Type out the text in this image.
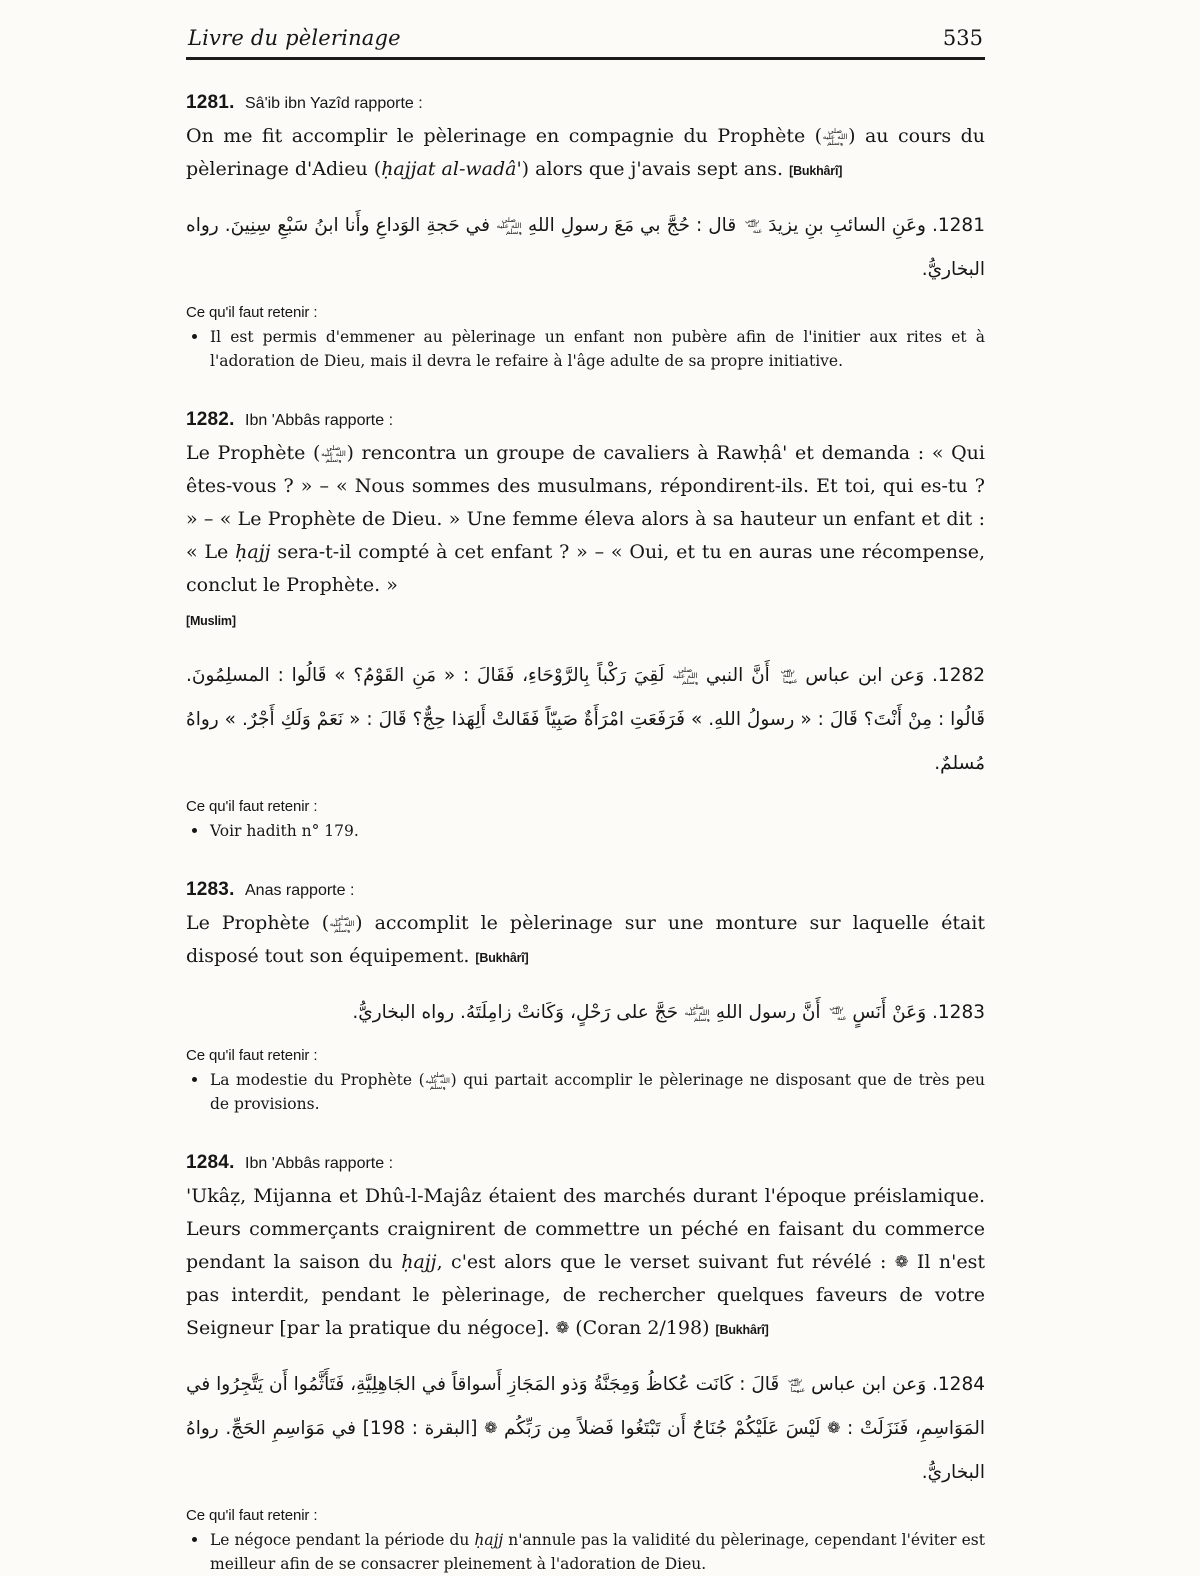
Livre du pèlerinage	535
1281. Sâ'ib ibn Yazîd rapporte :

On me fit accomplir le pèlerinage en compagnie du Prophète ( صلى الله عليه وسلم ) au cours du pèlerinage d'Adieu (ḥajjat al-wadâ') alors que j'avais sept ans. [Bukhârî]

1281. وعَنِ السائبِ بنِ يزيدَ رضي الله عنه قال : حُجَّ بي مَعَ رسولِ اللهِ صلى الله عليه وسلم في حَجةِ الوَداعِ وأَنا ابنُ سَبْعِ سِنِينَ. رواه البخاريُّ.

Ce qu'il faut retenir :
Il est permis d'emmener au pèlerinage un enfant non pubère afin de l'initier aux rites et à l'adoration de Dieu, mais il devra le refaire à l'âge adulte de sa propre initiative.
1282. Ibn 'Abbâs rapporte :

Le Prophète ( صلى الله عليه وسلم ) rencontra un groupe de cavaliers à Rawḥâ' et demanda : « Qui êtes-vous ? » – « Nous sommes des musulmans, répondirent-ils. Et toi, qui es-tu ? » – « Le Prophète de Dieu. » Une femme éleva alors à sa hauteur un enfant et dit : « Le ḥajj sera-t-il compté à cet enfant ? » – « Oui, et tu en auras une récompense, conclut le Prophète. »
[Muslim]

1282. وَعن ابن عباس رضي الله عنهما أَنَّ النبي صلى الله عليه وسلم لَقِيَ رَكْباً بِالرَّوْحَاءِ، فَقَالَ : « مَنِ القَوْمُ؟ » قَالُوا : المسلِمُونَ. قَالُوا : مِنْ أَنْتَ؟ قَالَ : « رسولُ اللهِ. » فَرَفَعَتِ امْرَأَةٌ صَبِيّاً فَقَالتْ أَلِهَذا حِجٌّ؟ قَالَ : « نَعَمْ وَلَكِ أَجْرٌ. » رواهُ مُسلمٌ.

Ce qu'il faut retenir :
Voir hadith n° 179.
1283. Anas rapporte :

Le Prophète ( صلى الله عليه وسلم ) accomplit le pèlerinage sur une monture sur laquelle était disposé tout son équipement. [Bukhârî]

1283. وَعَنْ أَنَسٍ رضي الله عنه أَنَّ رسول اللهِ صلى الله عليه وسلم حَجَّ على رَحْلٍ، وَكَانتْ زامِلَتَهُ. رواه البخاريُّ.

Ce qu'il faut retenir :
La modestie du Prophète ( صلى الله عليه وسلم ) qui partait accomplir le pèlerinage ne disposant que de très peu de provisions.
1284. Ibn 'Abbâs rapporte :

'Ukâẓ, Mijanna et Dhû-l-Majâz étaient des marchés durant l'époque préislamique. Leurs commerçants craignirent de commettre un péché en faisant du commerce pendant la saison du ḥajj, c'est alors que le verset suivant fut révélé : ❁ Il n'est pas interdit, pendant le pèlerinage, de rechercher quelques faveurs de votre Seigneur [par la pratique du négoce]. ❁ (Coran 2/198) [Bukhârî]

1284. وَعن ابن عباس رضي الله عنهما قَالَ : كَانَت عُكاظُ وَمِجَنَّةُ وَذو المَجَازِ أَسواقاً في الجَاهِلِيَّةِ، فَتَأَثَّمُوا أَن يَتَّجِرُوا في المَوَاسِمِ، فَنَزَلَتْ : ❁ لَيْسَ عَلَيْكُمْ جُنَاحٌ أَن تَبْتَغُوا فَضلاً مِن رَبِّكُم ❁ [البقرة : 198] في مَوَاسِمِ الحَجِّ. رواهُ البخاريُّ.

Ce qu'il faut retenir :
Le négoce pendant la période du ḥajj n'annule pas la validité du pèlerinage, cependant l'éviter est meilleur afin de se consacrer pleinement à l'adoration de Dieu.
